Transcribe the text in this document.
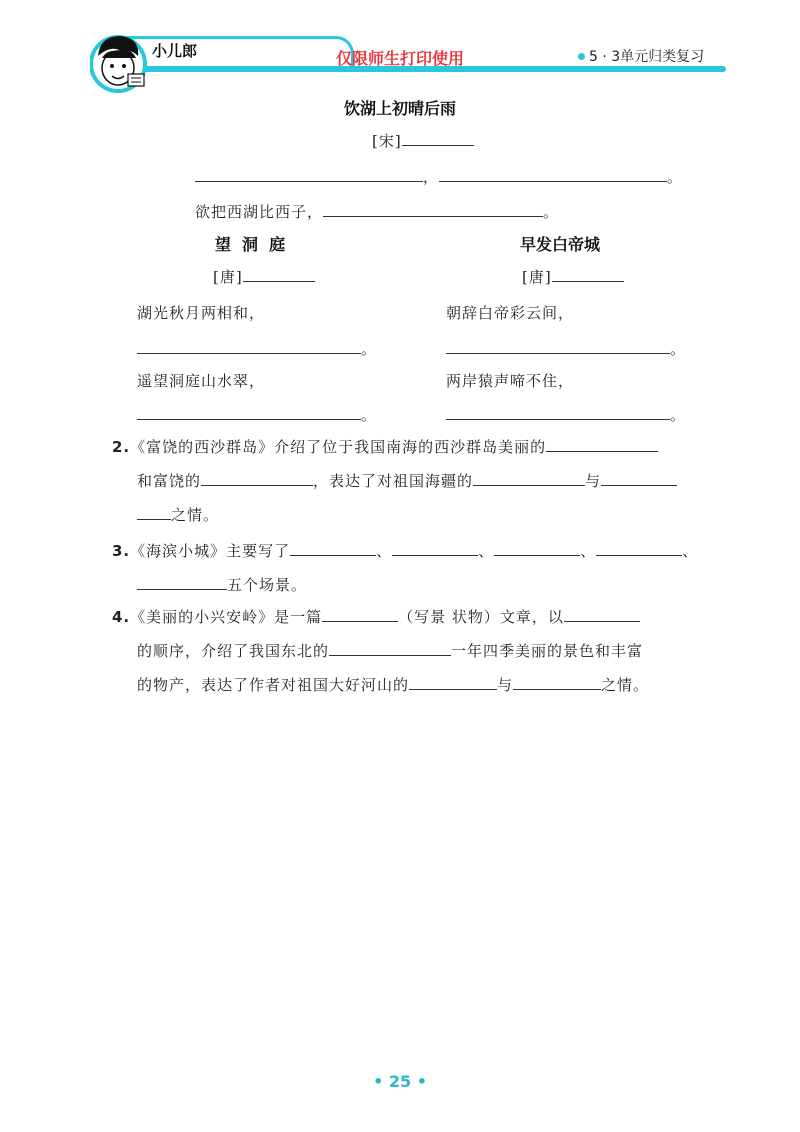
小儿郎	仅限师生打印使用	5 · 3单元归类复习
饮湖上初晴后雨
[宋]
，	。
欲把西湖比西子，	。
望  洞  庭
[唐]
湖光秋月两相和，
。
遥望洞庭山水翠，
。
早发白帝城
[唐]
朝辞白帝彩云间，
。
两岸猿声啼不住，
。
2.《富饶的西沙群岛》介绍了位于我国南海的西沙群岛美丽的
和富饶的	，表达了对祖国海疆的	与
之情。
3.《海滨小城》主要写了	、	、	、	、
五个场景。
4.《美丽的小兴安岭》是一篇	（写景 状物）文章，以
的顺序，介绍了我国东北的	一年四季美丽的景色和丰富
的物产，表达了作者对祖国大好河山的	与	之情。
• 25 •
